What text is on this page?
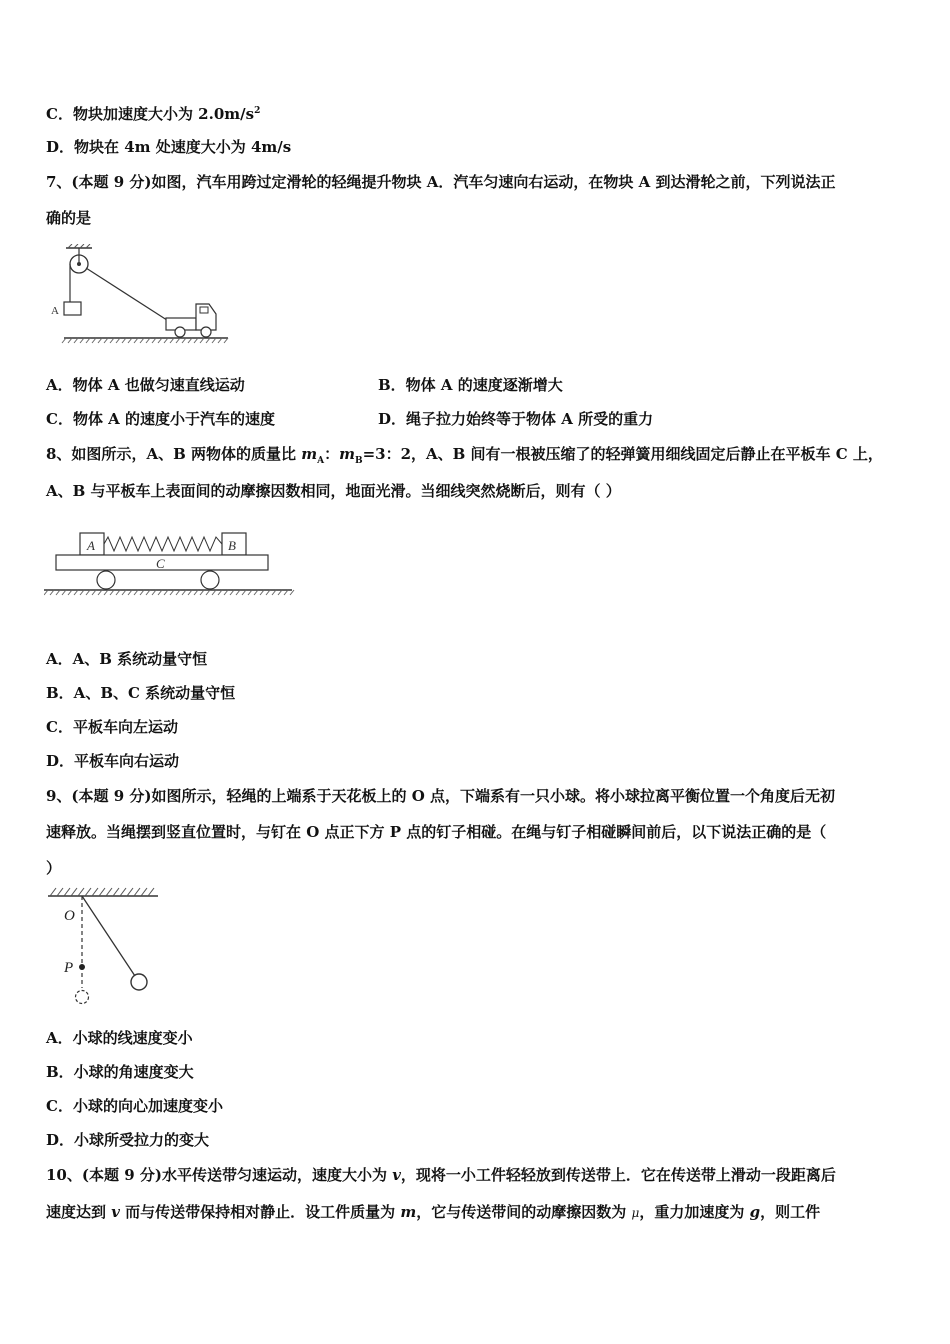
C．物块加速度大小为 $2.0m/s^2$
D．物块在 4m 处速度大小为 4m/s
7、(本题 9 分)如图，汽车用跨过定滑轮的轻绳提升物块 A．汽车匀速向右运动，在物块 A 到达滑轮之前，下列说法正
确的是
A
A．物体 A 也做匀速直线运动	B．物体 A 的速度逐渐增大
C．物体 A 的速度小于汽车的速度	D．绳子拉力始终等于物体 A 所受的重力
8、如图所示，A、B 两物体的质量比 $m_A$：$m_B=3$：2，A、B 间有一根被压缩了的轻弹簧用细线固定后静止在平板车 C 上，
A、B 与平板车上表面间的动摩擦因数相同，地面光滑。当细线突然烧断后，则有（ ）
A	B
C
A．A、B 系统动量守恒
B．A、B、C 系统动量守恒
C．平板车向左运动
D．平板车向右运动
9、(本题 9 分)如图所示，轻绳的上端系于天花板上的 O 点，下端系有一只小球。将小球拉离平衡位置一个角度后无初
速释放。当绳摆到竖直位置时，与钉在 O 点正下方 P 点的钉子相碰。在绳与钉子相碰瞬间前后，以下说法正确的是（
）
O
P
A．小球的线速度变小
B．小球的角速度变大
C．小球的向心加速度变小
D．小球所受拉力的变大
10、(本题 9 分)水平传送带匀速运动，速度大小为 v，现将一小工件轻轻放到传送带上．它在传送带上滑动一段距离后
速度达到 v 而与传送带保持相对静止．设工件质量为 m，它与传送带间的动摩擦因数为 μ，重力加速度为 g，则工件
